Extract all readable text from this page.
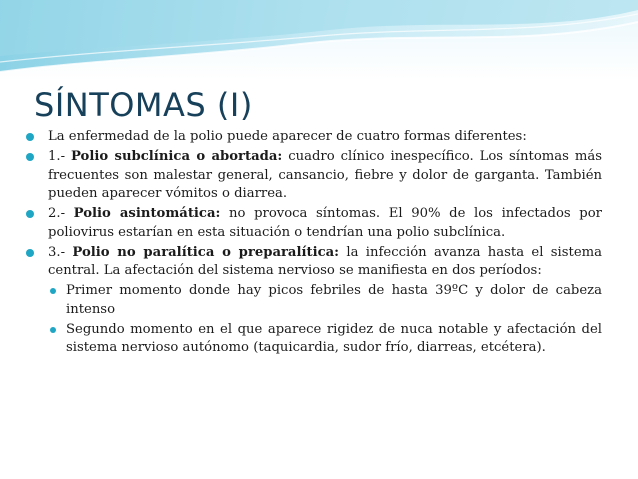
SÍNTOMAS (I)
La enfermedad de la polio puede aparecer de cuatro formas diferentes:
1.- Polio subclínica o abortada: cuadro clínico inespecífico. Los síntomas más frecuentes son malestar general, cansancio, fiebre y dolor de garganta. También pueden aparecer vómitos o diarrea.
2.- Polio asintomática: no provoca síntomas. El 90% de los infectados por poliovirus estarían en esta situación o tendrían una polio subclínica.
3.- Polio no paralítica o preparalítica: la infección avanza hasta el sistema central. La afectación del sistema nervioso se manifiesta en dos períodos:
Primer momento donde hay picos febriles de hasta 39ºC y dolor de cabeza intenso
Segundo momento en el que aparece rigidez de nuca notable y afectación del sistema nervioso autónomo (taquicardia, sudor frío, diarreas, etcétera).
